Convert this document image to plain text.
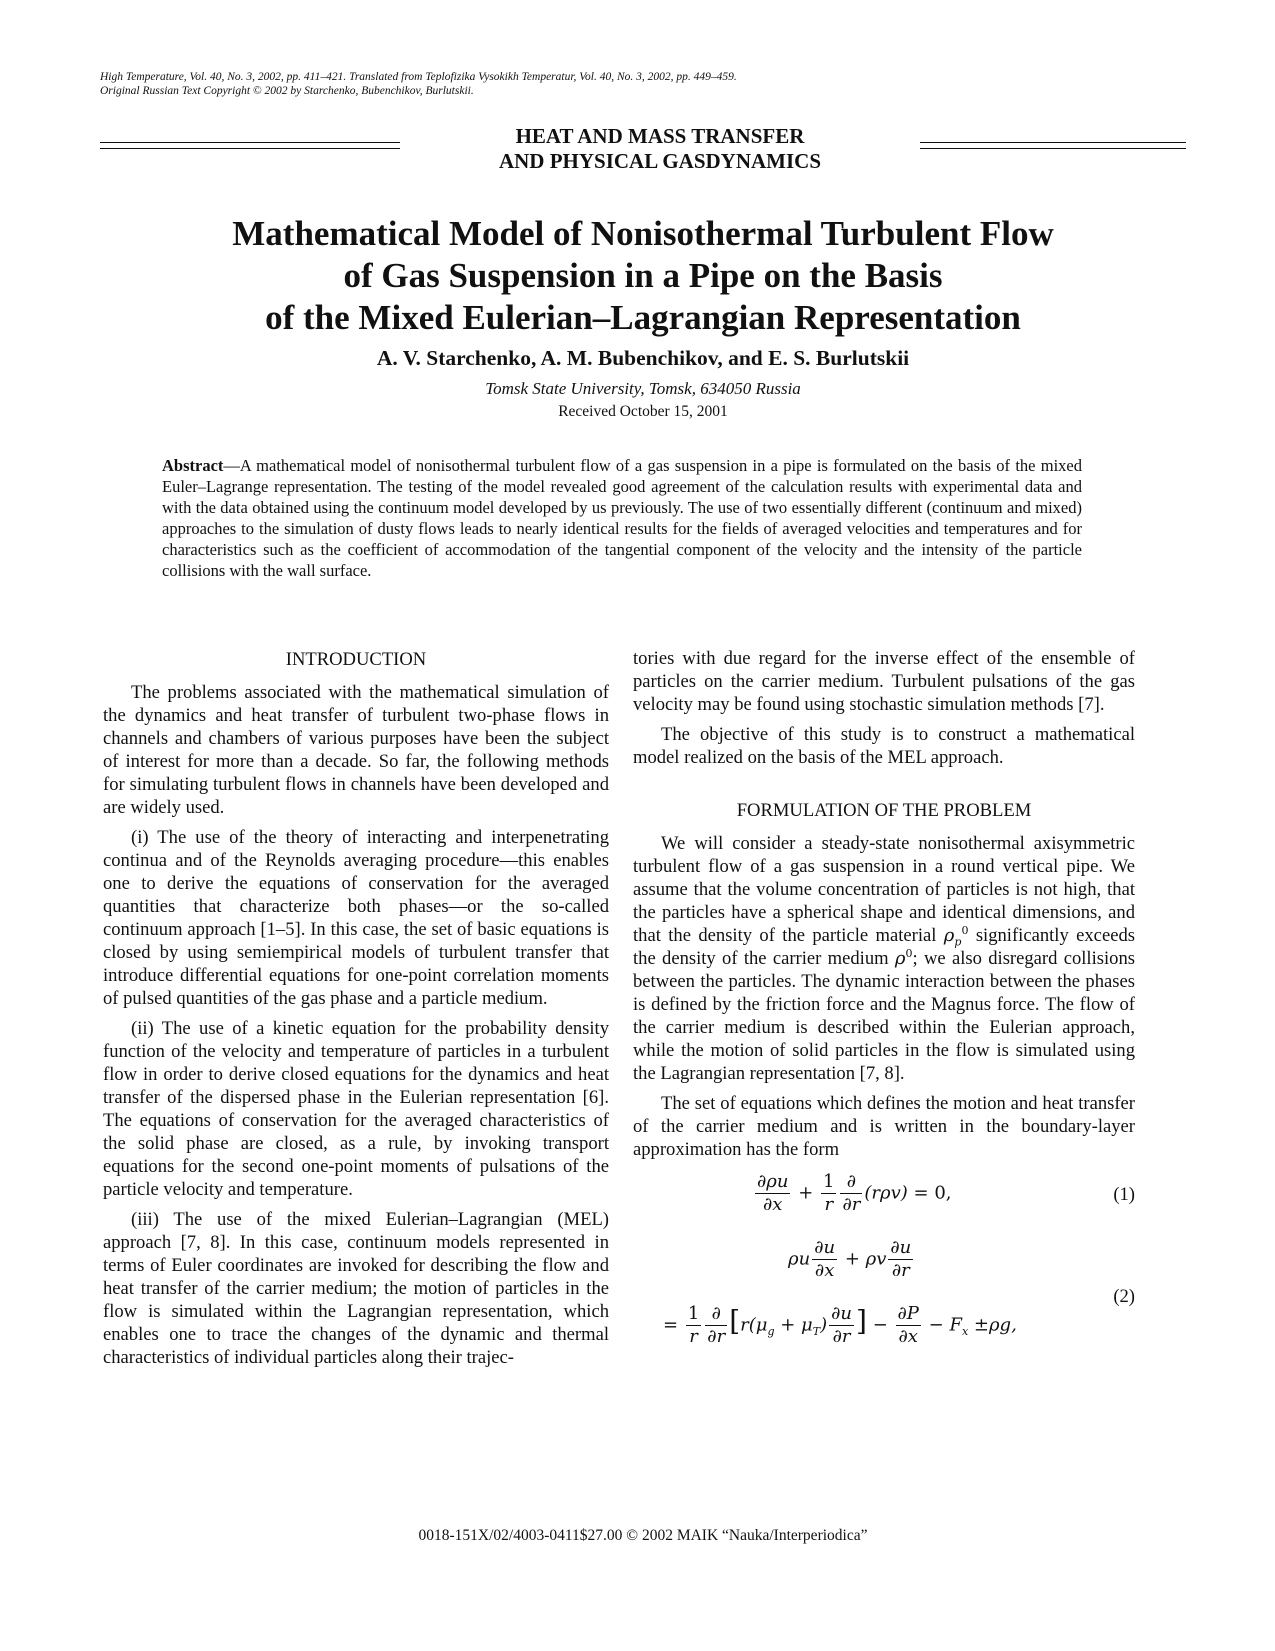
High Temperature, Vol. 40, No. 3, 2002, pp. 411–421. Translated from Teplofizika Vysokikh Temperatur, Vol. 40, No. 3, 2002, pp. 449–459.
Original Russian Text Copyright © 2002 by Starchenko, Bubenchikov, Burlutskii.
HEAT AND MASS TRANSFER
AND PHYSICAL GASDYNAMICS
Mathematical Model of Nonisothermal Turbulent Flow
of Gas Suspension in a Pipe on the Basis
of the Mixed Eulerian–Lagrangian Representation
A. V. Starchenko, A. M. Bubenchikov, and E. S. Burlutskii
Tomsk State University, Tomsk, 634050 Russia
Received October 15, 2001
Abstract—A mathematical model of nonisothermal turbulent flow of a gas suspension in a pipe is formulated on the basis of the mixed Euler–Lagrange representation. The testing of the model revealed good agreement of the calculation results with experimental data and with the data obtained using the continuum model developed by us previously. The use of two essentially different (continuum and mixed) approaches to the simulation of dusty flows leads to nearly identical results for the fields of averaged velocities and temperatures and for characteristics such as the coefficient of accommodation of the tangential component of the velocity and the intensity of the particle collisions with the wall surface.
INTRODUCTION

The problems associated with the mathematical simulation of the dynamics and heat transfer of turbulent two-phase flows in channels and chambers of various purposes have been the subject of interest for more than a decade. So far, the following methods for simulating turbulent flows in channels have been developed and are widely used.

(i) The use of the theory of interacting and interpenetrating continua and of the Reynolds averaging procedure—this enables one to derive the equations of conservation for the averaged quantities that characterize both phases—or the so-called continuum approach [1–5]. In this case, the set of basic equations is closed by using semiempirical models of turbulent transfer that introduce differential equations for one-point correlation moments of pulsed quantities of the gas phase and a particle medium.

(ii) The use of a kinetic equation for the probability density function of the velocity and temperature of particles in a turbulent flow in order to derive closed equations for the dynamics and heat transfer of the dispersed phase in the Eulerian representation [6]. The equations of conservation for the averaged characteristics of the solid phase are closed, as a rule, by invoking transport equations for the second one-point moments of pulsations of the particle velocity and temperature.

(iii) The use of the mixed Eulerian–Lagrangian (MEL) approach [7, 8]. In this case, continuum models represented in terms of Euler coordinates are invoked for describing the flow and heat transfer of the carrier medium; the motion of particles in the flow is simulated within the Lagrangian representation, which enables one to trace the changes of the dynamic and thermal characteristics of individual particles along their trajec-

tories with due regard for the inverse effect of the ensemble of particles on the carrier medium. Turbulent pulsations of the gas velocity may be found using stochastic simulation methods [7].

The objective of this study is to construct a mathematical model realized on the basis of the MEL approach.

FORMULATION OF THE PROBLEM

We will consider a steady-state nonisothermal axisymmetric turbulent flow of a gas suspension in a round vertical pipe. We assume that the volume concentration of particles is not high, that the particles have a spherical shape and identical dimensions, and that the density of the particle material $\rho_p^0$ significantly exceeds the density of the carrier medium $\rho^0$; we also disregard collisions between the particles. The dynamic interaction between the phases is defined by the friction force and the Magnus force. The flow of the carrier medium is described within the Eulerian approach, while the motion of solid particles in the flow is simulated using the Lagrangian representation [7, 8].

The set of equations which defines the motion and heat transfer of the carrier medium and is written in the boundary-layer approximation has the form

$\frac{\partial\rho u}{\partial x} + \frac{1}{r} \frac{\partial}{\partial r} (r\rho v) = 0$,	(1)
ρu $\frac{\partial u}{\partial x} + \rho v \frac{\partial u}{\partial r}$
= $\frac{1}{r} \frac{\partial}{\partial r} [r(\mu_g + \mu_T) \frac{\partial u}{\partial r}$ ] − $\frac{\partial P}{\partial x} - F_x \pm\rho g$,
(2)
0018-151X/02/4003-0411$27.00 © 2002 MAIK “Nauka/Interperiodica”
